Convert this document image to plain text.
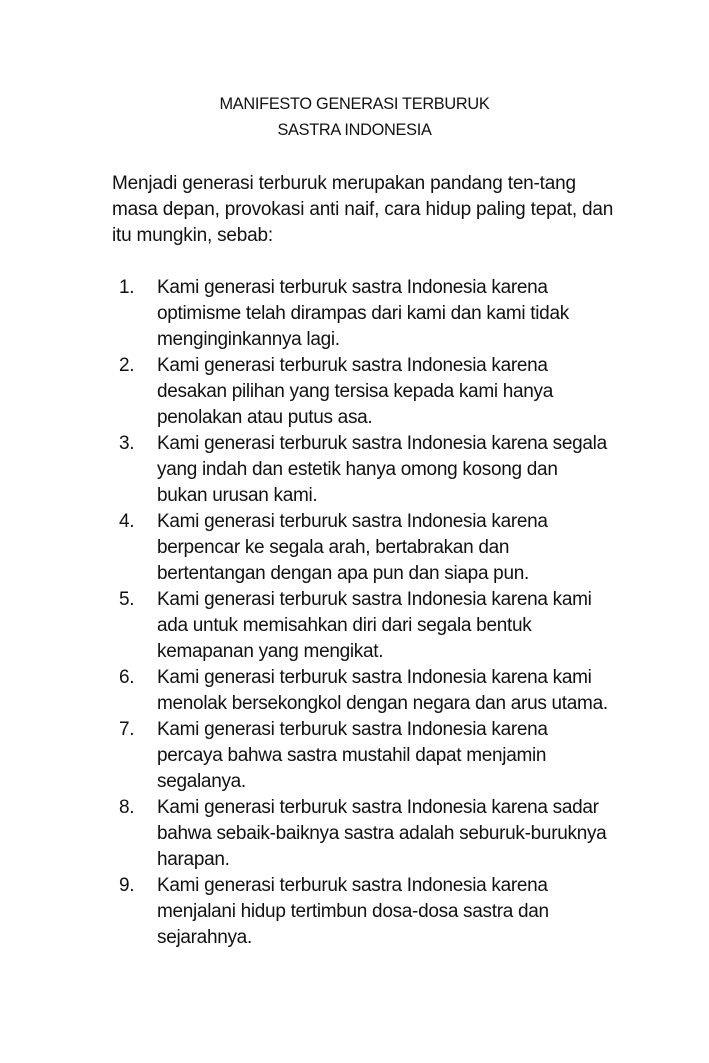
MANIFESTO GENERASI TERBURUK
SASTRA INDONESIA

Menjadi generasi terburuk merupakan pandang ten-tang
masa depan, provokasi anti naif, cara hidup paling tepat, dan
itu mungkin, sebab:

1.	Kami generasi terburuk sastra Indonesia karena
optimisme telah dirampas dari kami dan kami tidak
menginginkannya lagi.
2.	Kami generasi terburuk sastra Indonesia karena
desakan pilihan yang tersisa kepada kami hanya
penolakan atau putus asa.
3.	Kami generasi terburuk sastra Indonesia karena segala
yang indah dan estetik hanya omong kosong dan
bukan urusan kami.
4.	Kami generasi terburuk sastra Indonesia karena
berpencar ke segala arah, bertabrakan dan
bertentangan dengan apa pun dan siapa pun.
5.	Kami generasi terburuk sastra Indonesia karena kami
ada untuk memisahkan diri dari segala bentuk
kemapanan yang mengikat.
6.	Kami generasi terburuk sastra Indonesia karena kami
menolak bersekongkol dengan negara dan arus utama.
7.	Kami generasi terburuk sastra Indonesia karena
percaya bahwa sastra mustahil dapat menjamin
segalanya.
8.	Kami generasi terburuk sastra Indonesia karena sadar
bahwa sebaik-baiknya sastra adalah seburuk-buruknya
harapan.
9.	Kami generasi terburuk sastra Indonesia karena
menjalani hidup tertimbun dosa-dosa sastra dan
sejarahnya.
